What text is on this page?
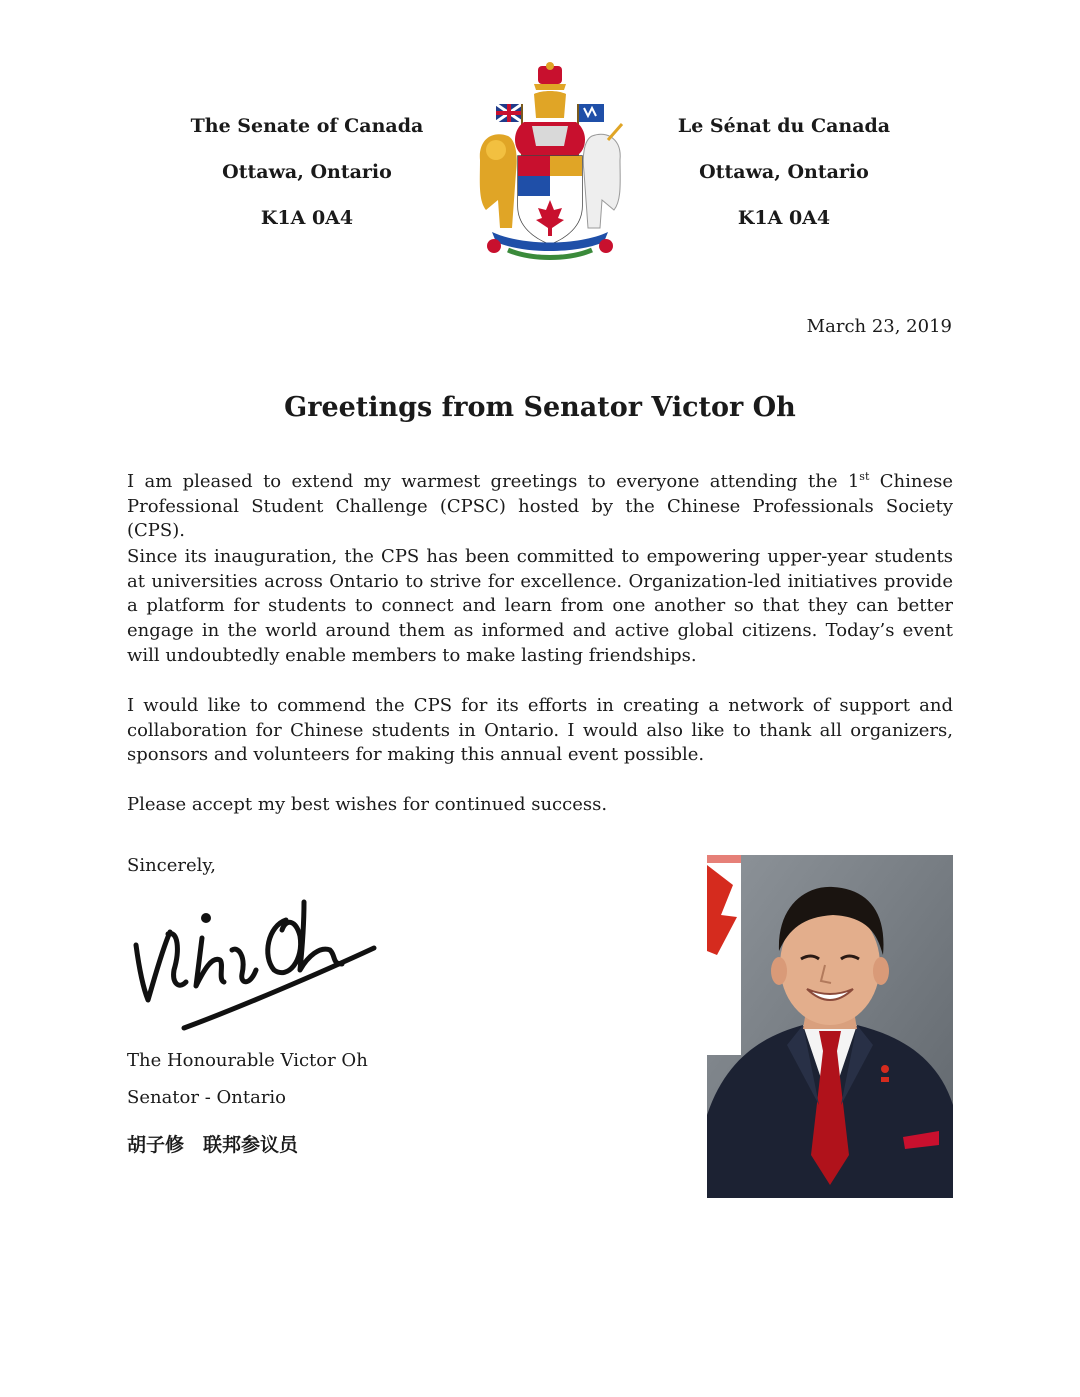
The Senate of Canada
Ottawa, Ontario
K1A 0A4
Le Sénat du Canada
Ottawa, Ontario
K1A 0A4
March 23, 2019
Greetings from Senator Victor Oh

I am pleased to extend my warmest greetings to everyone attending the 1st Chinese Professional Student Challenge (CPSC) hosted by the Chinese Professionals Society (CPS).

Since its inauguration, the CPS has been committed to empowering upper-year students at universities across Ontario to strive for excellence. Organization-led initiatives provide a platform for students to connect and learn from one another so that they can better engage in the world around them as informed and active global citizens. Today’s event will undoubtedly enable members to make lasting friendships.

I would like to commend the CPS for its efforts in creating a network of support and collaboration for Chinese students in Ontario. I would also like to thank all organizers, sponsors and volunteers for making this annual event possible.

Please accept my best wishes for continued success.

Sincerely,
The Honourable Victor Oh
Senator - Ontario
胡子修　联邦参议员
